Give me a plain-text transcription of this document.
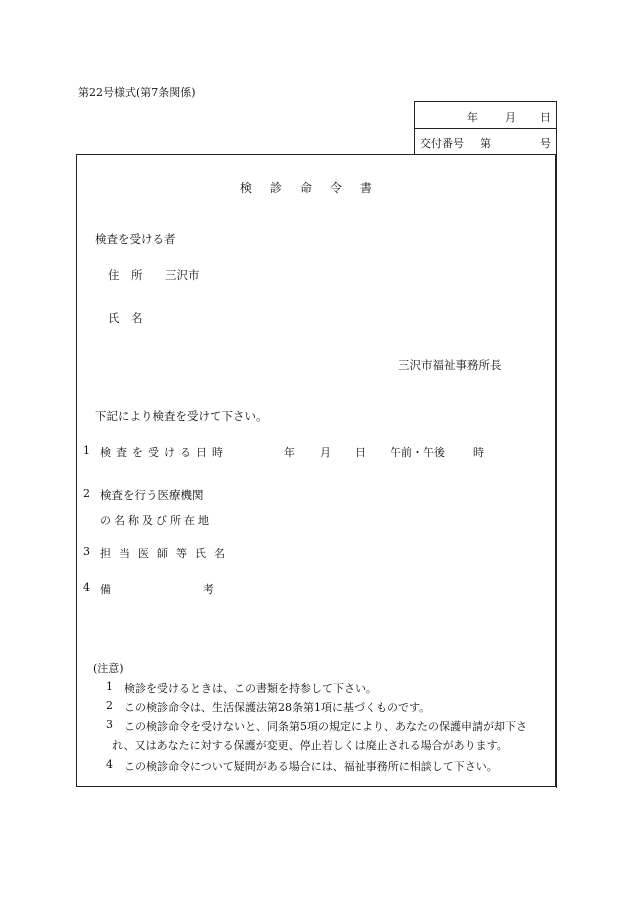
第22号様式(第7条関係)
年 月 日
交付番号 第	号
検診命令書
検査を受ける者
住　所 三沢市
氏　名
三沢市福祉事務所長
下記により検査を受けて下さい。
1 検査を受ける日時	年 月 日 午前・午後	時
2 検査を行う医療機関
の名称及び所在地
3 担当医師等氏名
4 備	考
(注意)
1 検診を受けるときは、この書類を持参して下さい。
2 この検診命令は、生活保護法第28条第1項に基づくものです。
3 この検診命令を受けないと、同条第5項の規定により、あなたの保護申請が却下さ
れ、又はあなたに対する保護が変更、停止若しくは廃止される場合があります。
4 この検診命令について疑問がある場合には、福祉事務所に相談して下さい。
